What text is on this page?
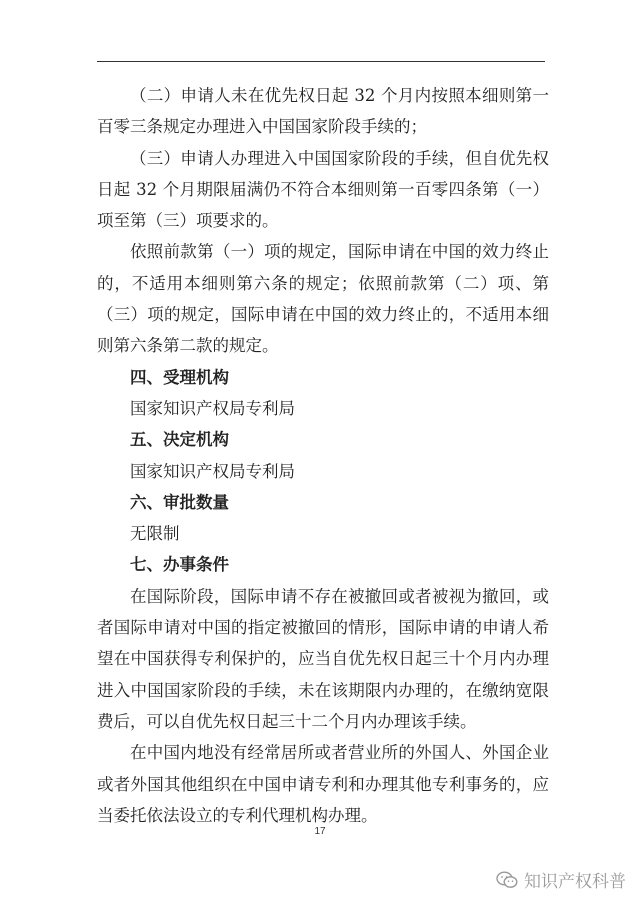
（二）申请人未在优先权日起 32 个月内按照本细则第一百零三条规定办理进入中国国家阶段手续的；

（三）申请人办理进入中国国家阶段的手续，但自优先权日起 32 个月期限届满仍不符合本细则第一百零四条第（一）项至第（三）项要求的。

依照前款第（一）项的规定，国际申请在中国的效力终止的，不适用本细则第六条的规定；依照前款第（二）项、第（三）项的规定，国际申请在中国的效力终止的，不适用本细则第六条第二款的规定。

四、受理机构

国家知识产权局专利局

五、决定机构

国家知识产权局专利局

六、审批数量

无限制

七、办事条件

在国际阶段，国际申请不存在被撤回或者被视为撤回，或者国际申请对中国的指定被撤回的情形，国际申请的申请人希望在中国获得专利保护的，应当自优先权日起三十个月内办理进入中国国家阶段的手续，未在该期限内办理的，在缴纳宽限费后，可以自优先权日起三十二个月内办理该手续。

在中国内地没有经常居所或者营业所的外国人、外国企业或者外国其他组织在中国申请专利和办理其他专利事务的，应当委托依法设立的专利代理机构办理。

17
知识产权科普
